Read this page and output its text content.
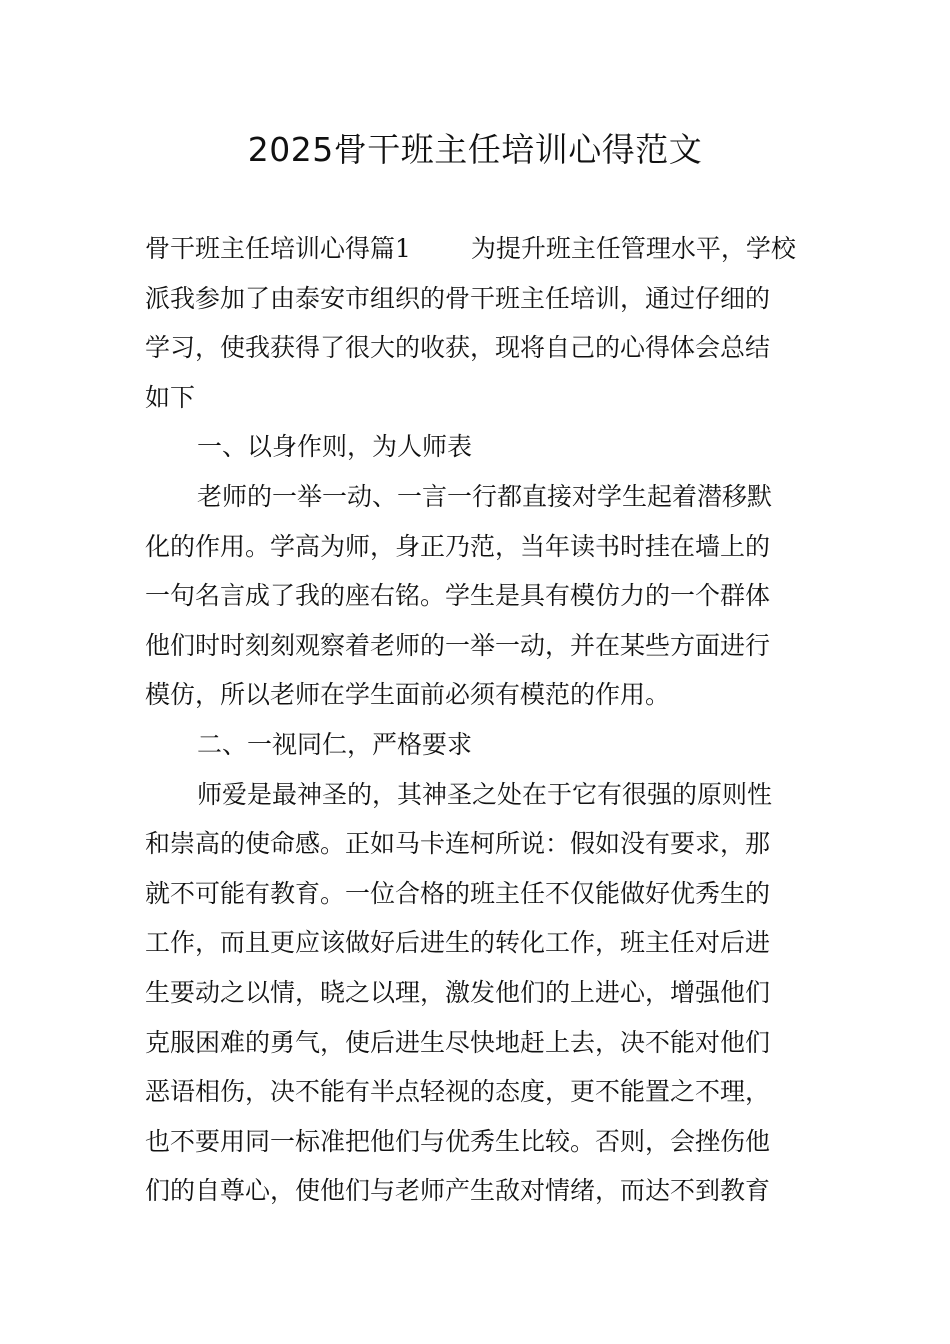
2025骨干班主任培训心得范文
骨干班主任培训心得篇1 为提升班主任管理水平，学校
派我参加了由泰安市组织的骨干班主任培训，通过仔细的
学习，使我获得了很大的收获，现将自己的心得体会总结
如下
一、以身作则，为人师表
老师的一举一动、一言一行都直接对学生起着潜移默
化的作用。学高为师，身正乃范，当年读书时挂在墙上的
一句名言成了我的座右铭。学生是具有模仿力的一个群体
他们时时刻刻观察着老师的一举一动，并在某些方面进行
模仿，所以老师在学生面前必须有模范的作用。
二、一视同仁，严格要求
师爱是最神圣的，其神圣之处在于它有很强的原则性
和崇高的使命感。正如马卡连柯所说：假如没有要求，那
就不可能有教育。一位合格的班主任不仅能做好优秀生的
工作，而且更应该做好后进生的转化工作，班主任对后进
生要动之以情，晓之以理，激发他们的上进心，增强他们
克服困难的勇气，使后进生尽快地赶上去，决不能对他们
恶语相伤，决不能有半点轻视的态度，更不能置之不理，
也不要用同一标准把他们与优秀生比较。否则，会挫伤他
们的自尊心，使他们与老师产生敌对情绪，而达不到教育
